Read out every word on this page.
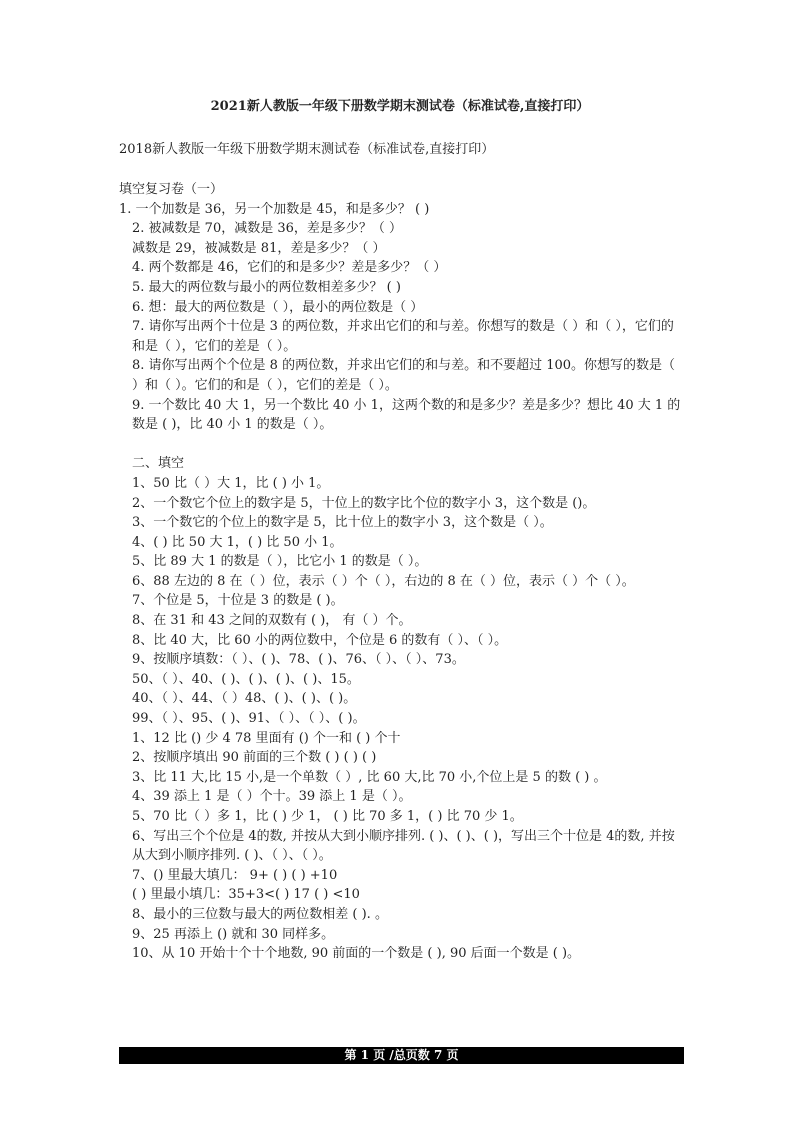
2021新人教版一年级下册数学期末测试卷（标准试卷,直接打印）
2018新人教版一年级下册数学期末测试卷（标准试卷,直接打印）
填空复习卷（一）
1. 一个加数是 36，另一个加数是 45，和是多少？ ( )
2. 被减数是 70，减数是 36，差是多少？（ ）
减数是 29，被减数是 81，差是多少？（ ）
4. 两个数都是 46，它们的和是多少？差是多少？（ ）
5. 最大的两位数与最小的两位数相差多少？ ( )
6. 想：最大的两位数是（ ），最小的两位数是（ ）
7. 请你写出两个十位是 3 的两位数，并求出它们的和与差。你想写的数是（ ）和（ ），它们的和是（ ），它们的差是（ ）。
8. 请你写出两个个位是 8 的两位数，并求出它们的和与差。和不要超过 100。你想写的数是（ ）和（ ）。它们的和是（ ），它们的差是（ ）。
9. 一个数比 40 大 1，另一个数比 40 小 1，这两个数的和是多少？差是多少？想比 40 大 1 的数是 ( )，比 40 小 1 的数是（ ）。
二、填空
1、50 比（ ）大 1，比 ( ) 小 1。
2、一个数它个位上的数字是 5，十位上的数字比个位的数字小 3，这个数是 ()。
3、一个数它的个位上的数字是 5，比十位上的数字小 3，这个数是（ ）。
4、( ) 比 50 大 1，( ) 比 50 小 1。
5、比 89 大 1 的数是（ ），比它小 1 的数是（ ）。
6、88 左边的 8 在（ ）位，表示（ ）个（ ），右边的 8 在（ ）位，表示（ ）个（ ）。
7、个位是 5，十位是 3 的数是 ( )。
8、在 31 和 43 之间的双数有 ( )， 有（ ）个。
8、比 40 大，比 60 小的两位数中，个位是 6 的数有（ ）、（ ）。
9、按顺序填数：（ ）、( )、78、( )、76、（ ）、（ ）、73。
50、（ ）、40、( )、( )、( )、( )、15。
40、（ ）、44、（ ）48、( )、( )、( )。
99、（ ）、95、( )、91、（ ）、（ ）、( )。
1、12 比 () 少 4 78 里面有 () 个一和 ( ) 个十
2、按顺序填出 90 前面的三个数 ( ) ( ) ( )
3、比 11 大,比 15 小,是一个单数（ ）, 比 60 大,比 70 小,个位上是 5 的数 ( ) 。
4、39 添上 1 是（ ）个十。39 添上 1 是（ ）。
5、70 比（ ）多 1，比 ( ) 少 1， ( ) 比 70 多 1，( ) 比 70 少 1。
6、写出三个个位是 4的数, 并按从大到小顺序排列. ( )、( )、( )，写出三个十位是 4的数, 并按从大到小顺序排列. ( )、（ ）、（ ）。
7、() 里最大填几： 9+ ( ) ( ) +10
( ) 里最小填几：35+3<( ) 17 ( ) <10
8、最小的三位数与最大的两位数相差 ( ). 。
9、25 再添上 () 就和 30 同样多。
10、从 10 开始十个十个地数, 90 前面的一个数是 ( ), 90 后面一个数是 ( )。
第 1 页 /总页数 7 页
